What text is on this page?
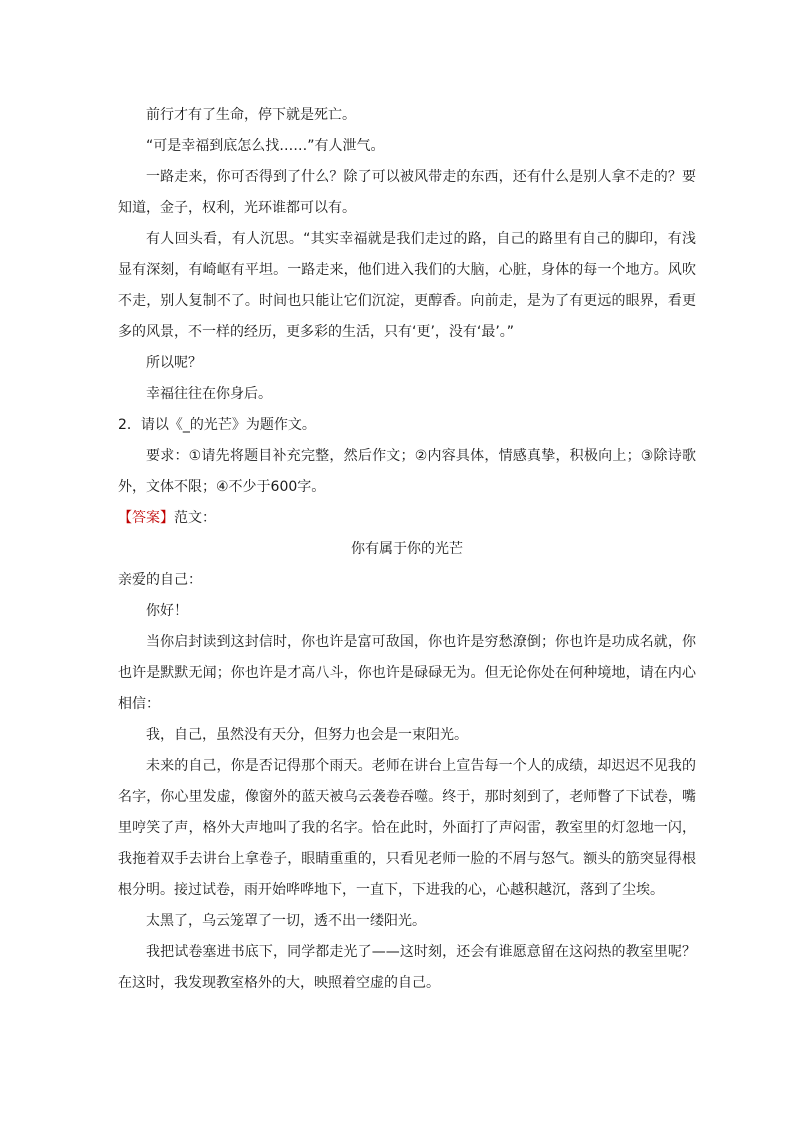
前行才有了生命，停下就是死亡。

“可是幸福到底怎么找……”有人泄气。

一路走来，你可否得到了什么？除了可以被风带走的东西，还有什么是别人拿不走的？要知道，金子，权利，光环谁都可以有。

有人回头看，有人沉思。“其实幸福就是我们走过的路，自己的路里有自己的脚印，有浅显有深刻，有崎岖有平坦。一路走来，他们进入我们的大脑，心脏，身体的每一个地方。风吹不走，别人复制不了。时间也只能让它们沉淀，更醇香。向前走，是为了有更远的眼界，看更多的风景，不一样的经历，更多彩的生活，只有‘更’，没有‘最’。”

所以呢？

幸福往往在你身后。

2．请以《_的光芒》为题作文。

要求：①请先将题目补充完整，然后作文；②内容具体，情感真挚，积极向上；③除诗歌外，文体不限；④不少于600字。

【答案】范文：

你有属于你的光芒

亲爱的自己：

你好！

当你启封读到这封信时，你也许是富可敌国，你也许是穷愁潦倒；你也许是功成名就，你也许是默默无闻；你也许是才高八斗，你也许是碌碌无为。但无论你处在何种境地，请在内心相信：

我，自己，虽然没有天分，但努力也会是一束阳光。

未来的自己，你是否记得那个雨天。老师在讲台上宣告每一个人的成绩，却迟迟不见我的名字，你心里发虚，像窗外的蓝天被乌云袭卷吞噬。终于，那时刻到了，老师瞥了下试卷，嘴里哼笑了声，格外大声地叫了我的名字。恰在此时，外面打了声闷雷，教室里的灯忽地一闪，我拖着双手去讲台上拿卷子，眼睛重重的，只看见老师一脸的不屑与怒气。额头的筋突显得根根分明。接过试卷，雨开始哗哗地下，一直下，下进我的心，心越积越沉，落到了尘埃。

太黑了，乌云笼罩了一切，透不出一缕阳光。

我把试卷塞进书底下，同学都走光了——这时刻，还会有谁愿意留在这闷热的教室里呢？在这时，我发现教室格外的大，映照着空虚的自己。
